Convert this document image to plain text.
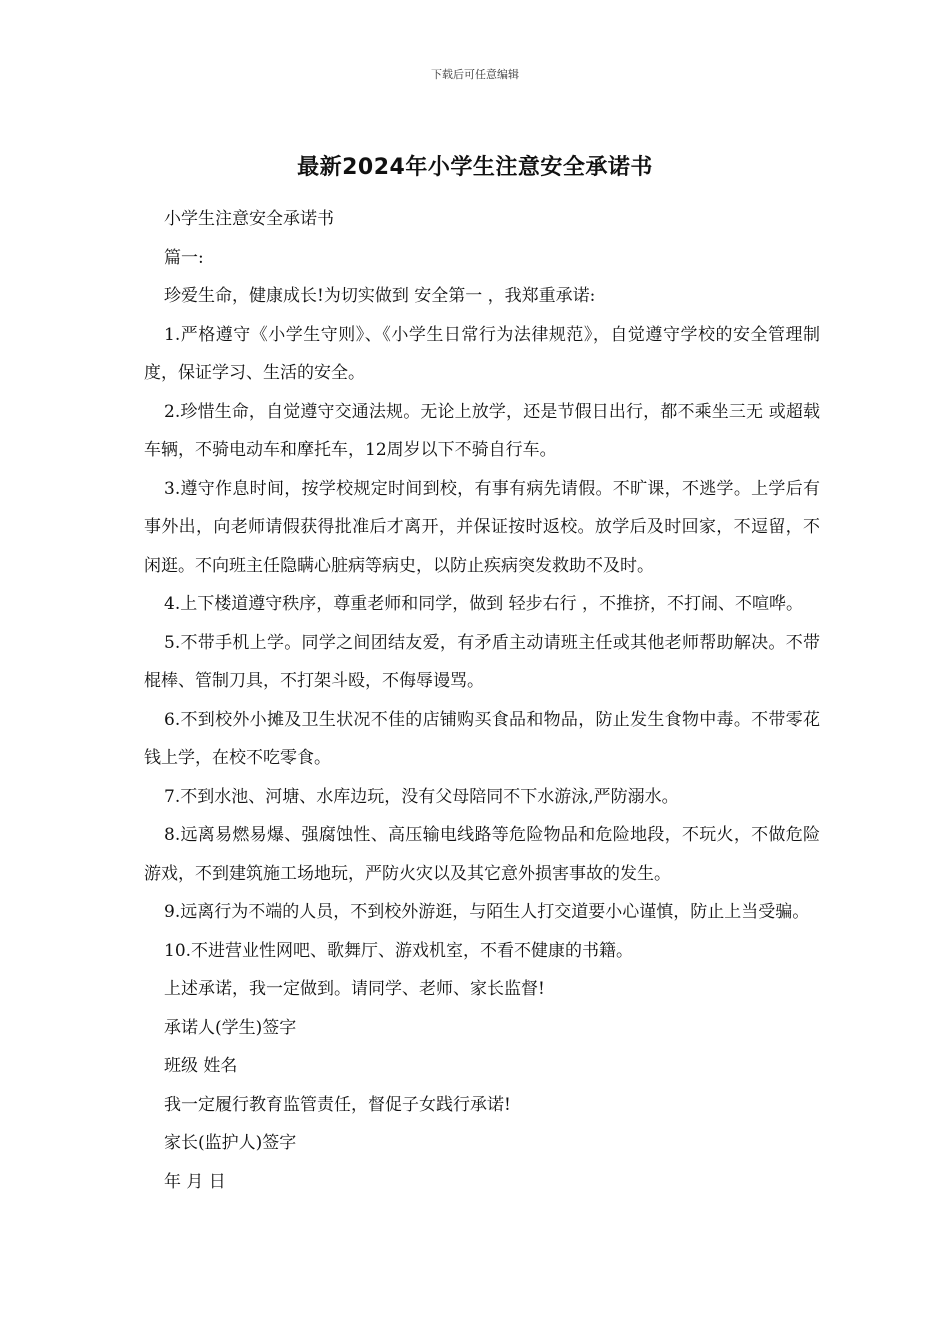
下载后可任意编辑
最新2024年小学生注意安全承诺书

小学生注意安全承诺书

篇一:

珍爱生命，健康成长!为切实做到 安全第一 ，我郑重承诺:

1.严格遵守《小学生守则》、《小学生日常行为法律规范》，自觉遵守学校的安全管理制度，保证学习、生活的安全。

2.珍惜生命，自觉遵守交通法规。无论上放学，还是节假日出行，都不乘坐三无 或超载车辆，不骑电动车和摩托车，12周岁以下不骑自行车。

3.遵守作息时间，按学校规定时间到校，有事有病先请假。不旷课，不逃学。上学后有事外出，向老师请假获得批准后才离开，并保证按时返校。放学后及时回家，不逗留，不闲逛。不向班主任隐瞒心脏病等病史，以防止疾病突发救助不及时。

4.上下楼道遵守秩序，尊重老师和同学，做到 轻步右行 ，不推挤，不打闹、不喧哗。

5.不带手机上学。同学之间团结友爱，有矛盾主动请班主任或其他老师帮助解决。不带棍棒、管制刀具，不打架斗殴，不侮辱谩骂。

6.不到校外小摊及卫生状况不佳的店铺购买食品和物品，防止发生食物中毒。不带零花钱上学，在校不吃零食。

7.不到水池、河塘、水库边玩，没有父母陪同不下水游泳,严防溺水。

8.远离易燃易爆、强腐蚀性、高压输电线路等危险物品和危险地段，不玩火，不做危险游戏，不到建筑施工场地玩，严防火灾以及其它意外损害事故的发生。

9.远离行为不端的人员，不到校外游逛，与陌生人打交道要小心谨慎，防止上当受骗。

10.不进营业性网吧、歌舞厅、游戏机室，不看不健康的书籍。

上述承诺，我一定做到。请同学、老师、家长监督!

承诺人(学生)签字

班级 姓名

我一定履行教育监管责任，督促子女践行承诺!

家长(监护人)签字

年 月 日
